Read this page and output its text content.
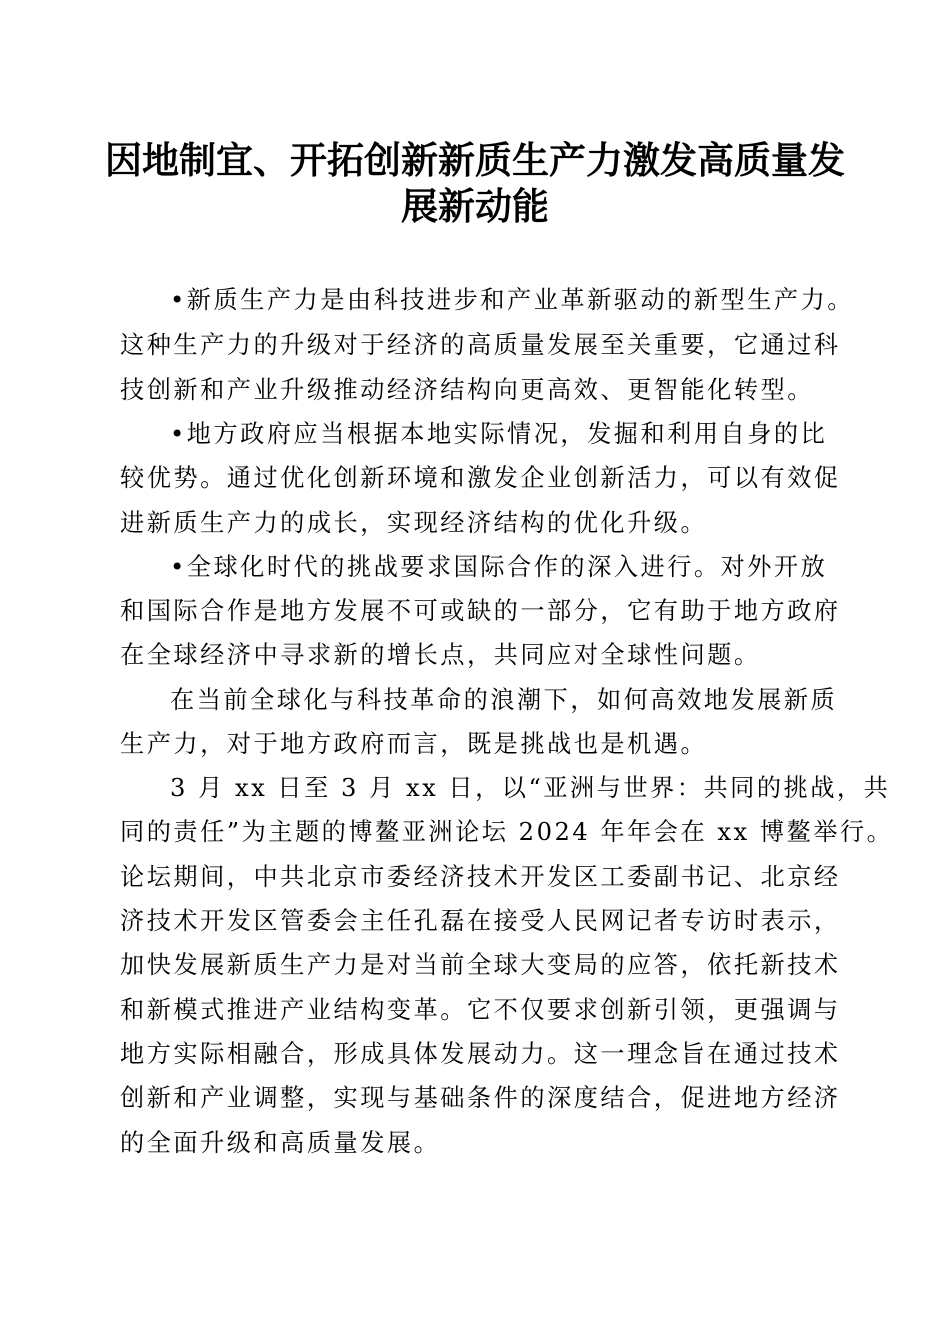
因地制宜、开拓创新新质生产力激发高质量发
展新动能

•新质生产力是由科技进步和产业革新驱动的新型生产力。

这种生产力的升级对于经济的高质量发展至关重要，它通过科

技创新和产业升级推动经济结构向更高效、更智能化转型。

•地方政府应当根据本地实际情况，发掘和利用自身的比

较优势。通过优化创新环境和激发企业创新活力，可以有效促

进新质生产力的成长，实现经济结构的优化升级。

•全球化时代的挑战要求国际合作的深入进行。对外开放

和国际合作是地方发展不可或缺的一部分，它有助于地方政府

在全球经济中寻求新的增长点，共同应对全球性问题。

在当前全球化与科技革命的浪潮下，如何高效地发展新质

生产力，对于地方政府而言，既是挑战也是机遇。

3 月 xx 日至 3 月 xx 日，以“亚洲与世界：共同的挑战，共

同的责任”为主题的博鳌亚洲论坛 2024 年年会在 xx 博鳌举行。

论坛期间，中共北京市委经济技术开发区工委副书记、北京经

济技术开发区管委会主任孔磊在接受人民网记者专访时表示，

加快发展新质生产力是对当前全球大变局的应答，依托新技术

和新模式推进产业结构变革。它不仅要求创新引领，更强调与

地方实际相融合，形成具体发展动力。这一理念旨在通过技术

创新和产业调整，实现与基础条件的深度结合，促进地方经济

的全面升级和高质量发展。
